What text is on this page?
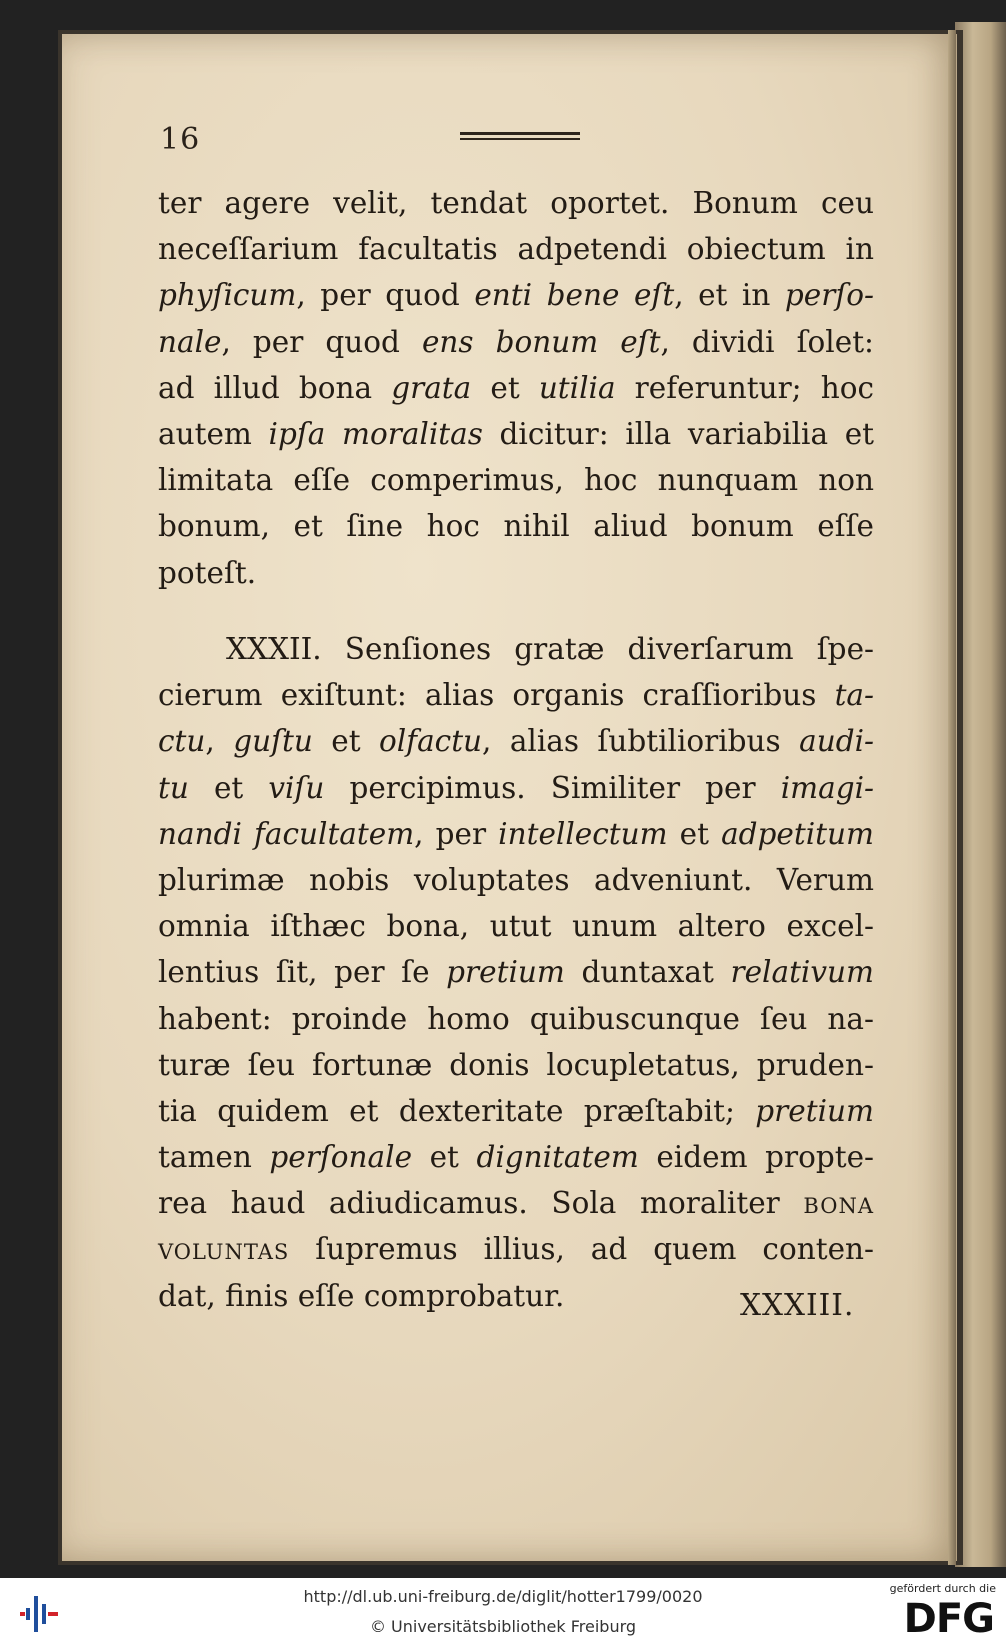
16
ter agere velit, tendat oportet. Bonum ceu
neceſſarium facultatis adpetendi obiectum in
phyſicum, per quod enti bene eſt, et in perſo-
nale, per quod ens bonum eſt, dividi ſolet:
ad illud bona grata et utilia referuntur; hoc
autem ipſa moralitas dicitur: illa variabilia et
limitata eſſe comperimus, hoc nunquam non
bonum, et ſine hoc nihil aliud bonum eſſe
poteſt.
XXXII. Senſiones gratæ diverſarum ſpe-
cierum exiſtunt: alias organis craſſioribus ta-
ctu, guſtu et olfactu, alias ſubtilioribus audi-
tu et viſu percipimus. Similiter per imagi-
nandi facultatem, per intellectum et adpetitum
plurimæ nobis voluptates adveniunt. Verum
omnia iſthæc bona, utut unum altero excel-
lentius ſit, per ſe pretium duntaxat relativum
habent: proinde homo quibuscunque ſeu na-
turæ ſeu fortunæ donis locupletatus, pruden-
tia quidem et dexteritate præſtabit; pretium
tamen perſonale et dignitatem eidem propte-
rea haud adiudicamus. Sola moraliter bona
voluntas ſupremus illius, ad quem conten-
dat, finis eſſe comprobatur.	XXXIII.
http://dl.ub.uni-freiburg.de/diglit/hotter1799/0020
© Universitätsbibliothek Freiburg
gefördert durch die
DFG
